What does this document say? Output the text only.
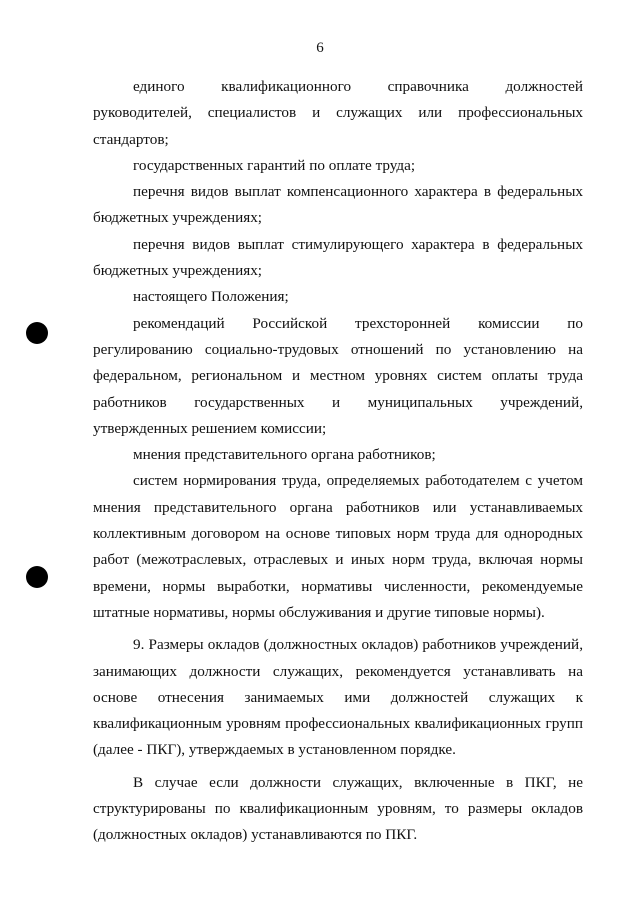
6
единого квалификационного справочника должностей
руководителей, специалистов и служащих или профессиональных
стандартов;
государственных гарантий по оплате труда;
перечня видов выплат компенсационного характера в федеральных
бюджетных учреждениях;
перечня видов выплат стимулирующего характера в федеральных
бюджетных учреждениях;
настоящего Положения;
рекомендаций Российской трехсторонней комиссии по
регулированию социально-трудовых отношений по установлению на
федеральном, региональном и местном уровнях систем оплаты труда
работников государственных и муниципальных учреждений,
утвержденных решением комиссии;
мнения представительного органа работников;
систем нормирования труда, определяемых работодателем с учетом
мнения представительного органа работников или устанавливаемых
коллективным договором на основе типовых норм труда для однородных
работ (межотраслевых, отраслевых и иных норм труда, включая нормы
времени, нормы выработки, нормативы численности, рекомендуемые
штатные нормативы, нормы обслуживания и другие типовые нормы).
9. Размеры окладов (должностных окладов) работников учреждений,
занимающих должности служащих, рекомендуется устанавливать на
основе отнесения занимаемых ими должностей служащих к
квалификационным уровням профессиональных квалификационных групп
(далее - ПКГ), утверждаемых в установленном порядке.
В случае если должности служащих, включенные в ПКГ, не
структурированы по квалификационным уровням, то размеры окладов
(должностных окладов) устанавливаются по ПКГ.
